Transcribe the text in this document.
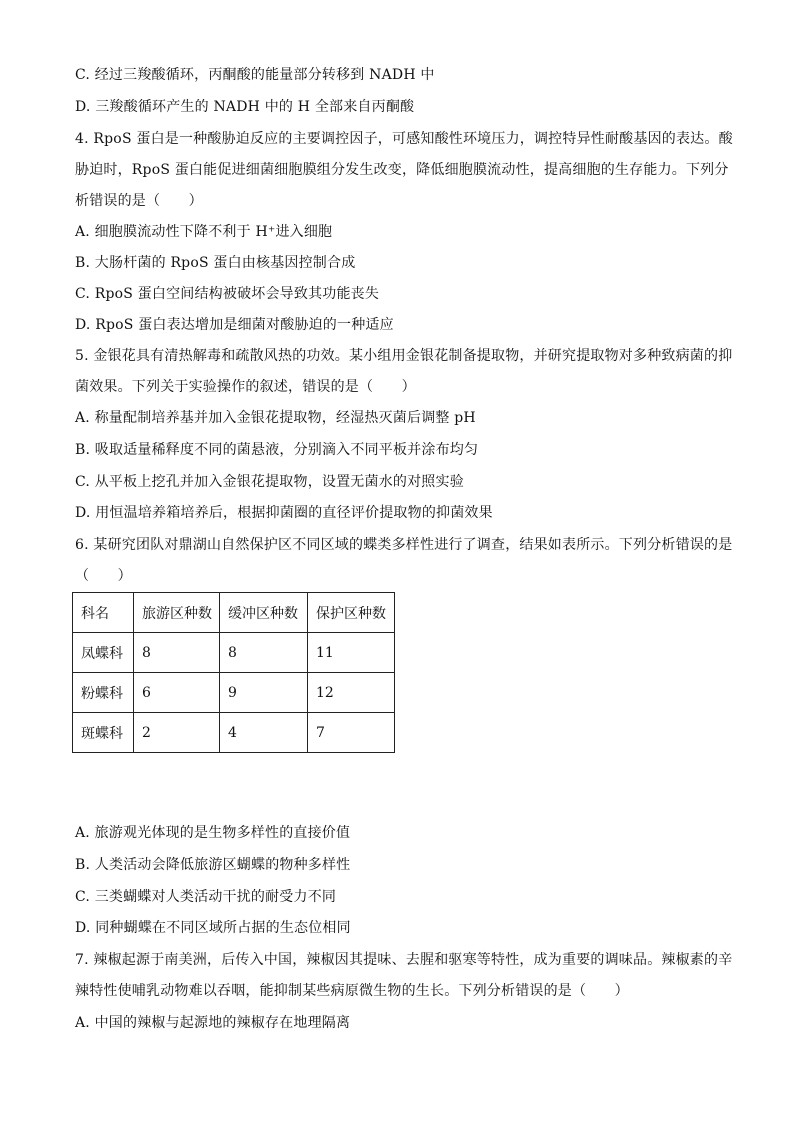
C. 经过三羧酸循环，丙酮酸的能量部分转移到 NADH 中
D. 三羧酸循环产生的 NADH 中的 H 全部来自丙酮酸
4. RpoS 蛋白是一种酸胁迫反应的主要调控因子，可感知酸性环境压力，调控特异性耐酸基因的表达。酸
胁迫时，RpoS 蛋白能促进细菌细胞膜组分发生改变，降低细胞膜流动性，提高细胞的生存能力。下列分
析错误的是（　　）
A. 细胞膜流动性下降不利于 H⁺进入细胞
B. 大肠杆菌的 RpoS 蛋白由核基因控制合成
C. RpoS 蛋白空间结构被破坏会导致其功能丧失
D. RpoS 蛋白表达增加是细菌对酸胁迫的一种适应
5. 金银花具有清热解毒和疏散风热的功效。某小组用金银花制备提取物，并研究提取物对多种致病菌的抑
菌效果。下列关于实验操作的叙述，错误的是（　　）
A. 称量配制培养基并加入金银花提取物，经湿热灭菌后调整 pH
B. 吸取适量稀释度不同的菌悬液，分别滴入不同平板并涂布均匀
C. 从平板上挖孔并加入金银花提取物，设置无菌水的对照实验
D. 用恒温培养箱培养后，根据抑菌圈的直径评价提取物的抑菌效果
6. 某研究团队对鼎湖山自然保护区不同区域的蝶类多样性进行了调查，结果如表所示。下列分析错误的是
（　　）
科名	旅游区种数	缓冲区种数	保护区种数
凤蝶科	8	8	11
粉蝶科	6	9	12
斑蝶科	2	4	7
A. 旅游观光体现的是生物多样性的直接价值
B. 人类活动会降低旅游区蝴蝶的物种多样性
C. 三类蝴蝶对人类活动干扰的耐受力不同
D. 同种蝴蝶在不同区域所占据的生态位相同
7. 辣椒起源于南美洲，后传入中国，辣椒因其提味、去腥和驱寒等特性，成为重要的调味品。辣椒素的辛
辣特性使哺乳动物难以吞咽，能抑制某些病原微生物的生长。下列分析错误的是（　　）
A. 中国的辣椒与起源地的辣椒存在地理隔离
